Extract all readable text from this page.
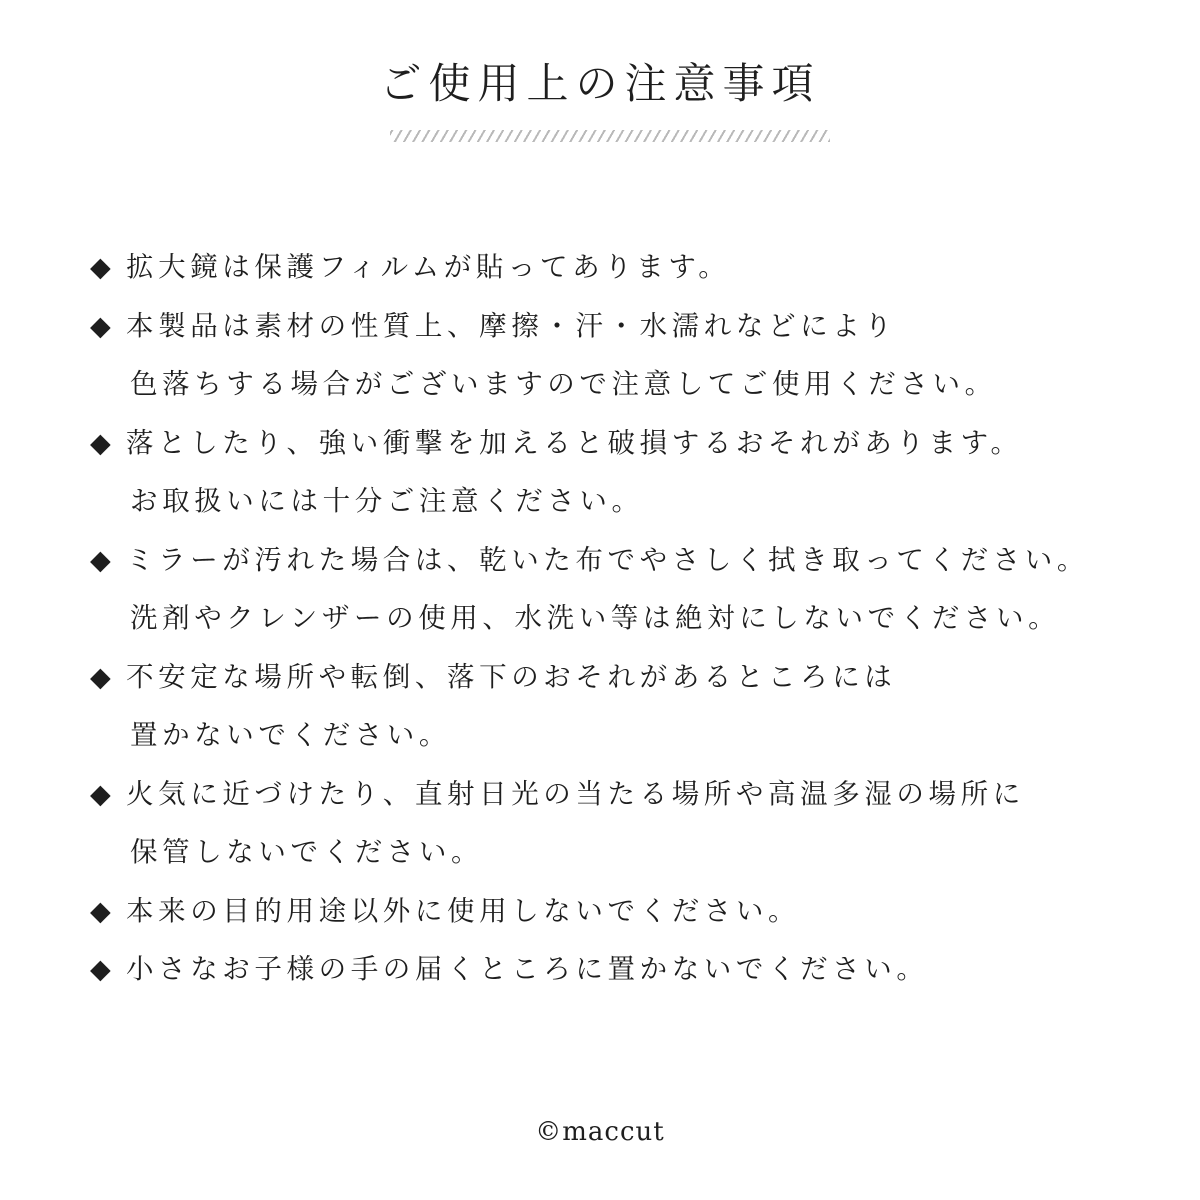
ご使用上の注意事項
◆ 拡大鏡は保護フィルムが貼ってあります。
◆ 本製品は素材の性質上、摩擦・汗・水濡れなどにより
色落ちする場合がございますので注意してご使用ください。
◆ 落としたり、強い衝撃を加えると破損するおそれがあります。
お取扱いには十分ご注意ください。
◆ ミラーが汚れた場合は、乾いた布でやさしく拭き取ってください。
洗剤やクレンザーの使用、水洗い等は絶対にしないでください。
◆ 不安定な場所や転倒、落下のおそれがあるところには
置かないでください。
◆ 火気に近づけたり、直射日光の当たる場所や高温多湿の場所に
保管しないでください。
◆ 本来の目的用途以外に使用しないでください。
◆ 小さなお子様の手の届くところに置かないでください。
©maccut
